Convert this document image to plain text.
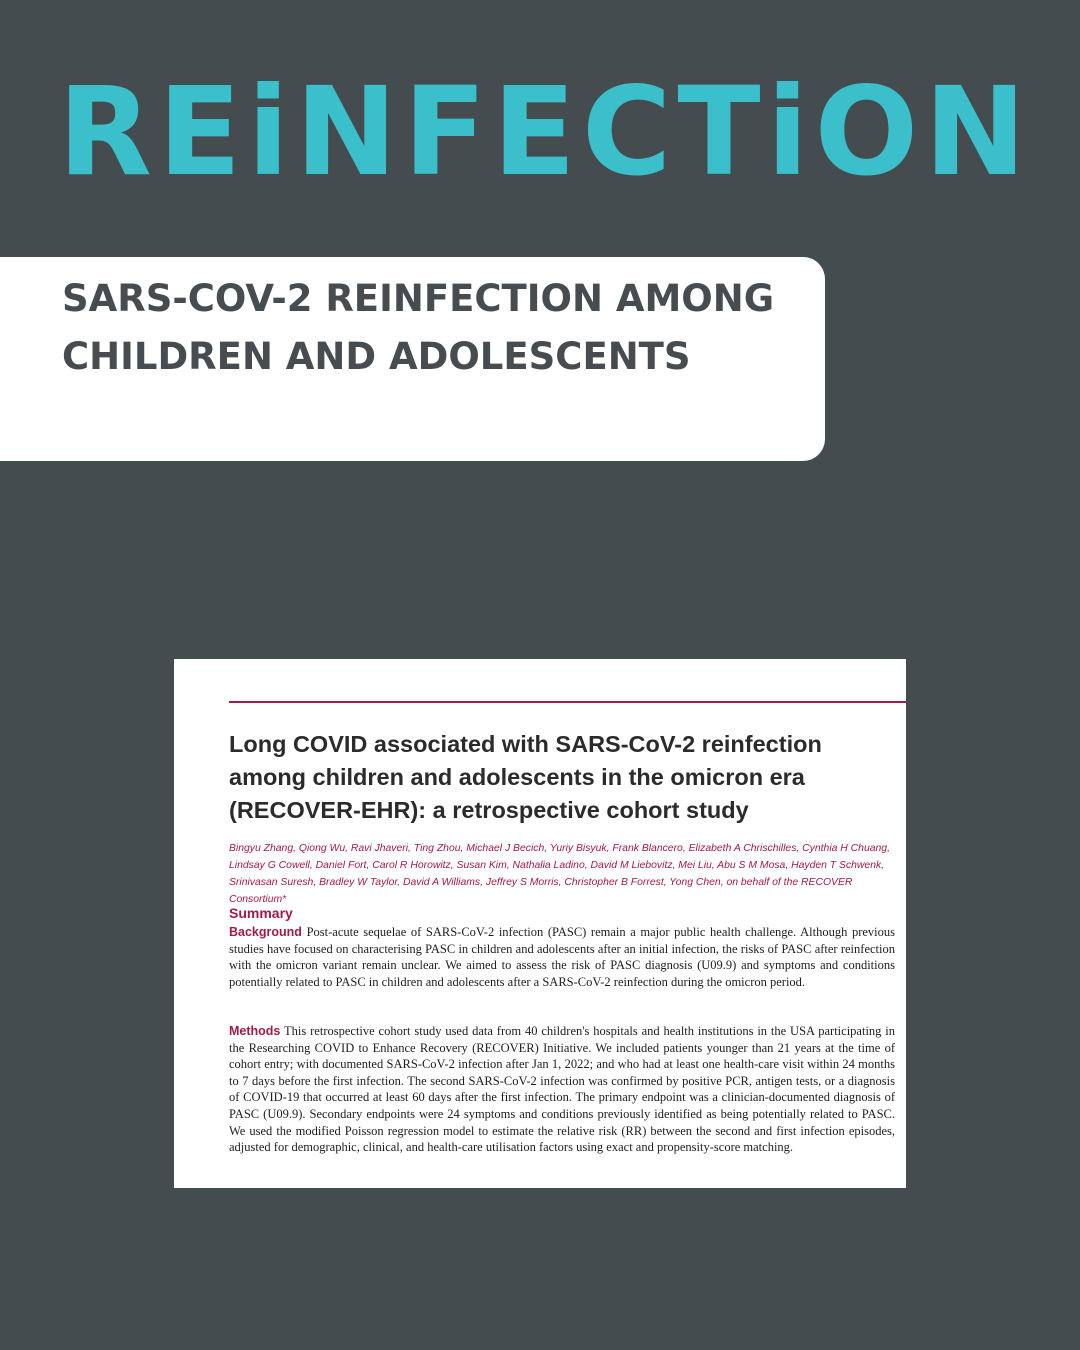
REiNFECTiON

SARS-COV-2 REINFECTION AMONG CHILDREN AND ADOLESCENTS

Long COVID associated with SARS-CoV-2 reinfection among children and adolescents in the omicron era (RECOVER-EHR): a retrospective cohort study

Bingyu Zhang, Qiong Wu, Ravi Jhaveri, Ting Zhou, Michael J Becich, Yuriy Bisyuk, Frank Blancero, Elizabeth A Chrischilles, Cynthia H Chuang, Lindsay G Cowell, Daniel Fort, Carol R Horowitz, Susan Kim, Nathalia Ladino, David M Liebovitz, Mei Liu, Abu S M Mosa, Hayden T Schwenk, Srinivasan Suresh, Bradley W Taylor, David A Williams, Jeffrey S Morris, Christopher B Forrest, Yong Chen, on behalf of the RECOVER Consortium*

Summary

Background Post-acute sequelae of SARS-CoV-2 infection (PASC) remain a major public health challenge. Although previous studies have focused on characterising PASC in children and adolescents after an initial infection, the risks of PASC after reinfection with the omicron variant remain unclear. We aimed to assess the risk of PASC diagnosis (U09.9) and symptoms and conditions potentially related to PASC in children and adolescents after a SARS-CoV-2 reinfection during the omicron period.

Methods This retrospective cohort study used data from 40 children's hospitals and health institutions in the USA participating in the Researching COVID to Enhance Recovery (RECOVER) Initiative. We included patients younger than 21 years at the time of cohort entry; with documented SARS-CoV-2 infection after Jan 1, 2022; and who had at least one health-care visit within 24 months to 7 days before the first infection. The second SARS-CoV-2 infection was confirmed by positive PCR, antigen tests, or a diagnosis of COVID-19 that occurred at least 60 days after the first infection. The primary endpoint was a clinician-documented diagnosis of PASC (U09.9). Secondary endpoints were 24 symptoms and conditions previously identified as being potentially related to PASC. We used the modified Poisson regression model to estimate the relative risk (RR) between the second and first infection episodes, adjusted for demographic, clinical, and health-care utilisation factors using exact and propensity-score matching.
